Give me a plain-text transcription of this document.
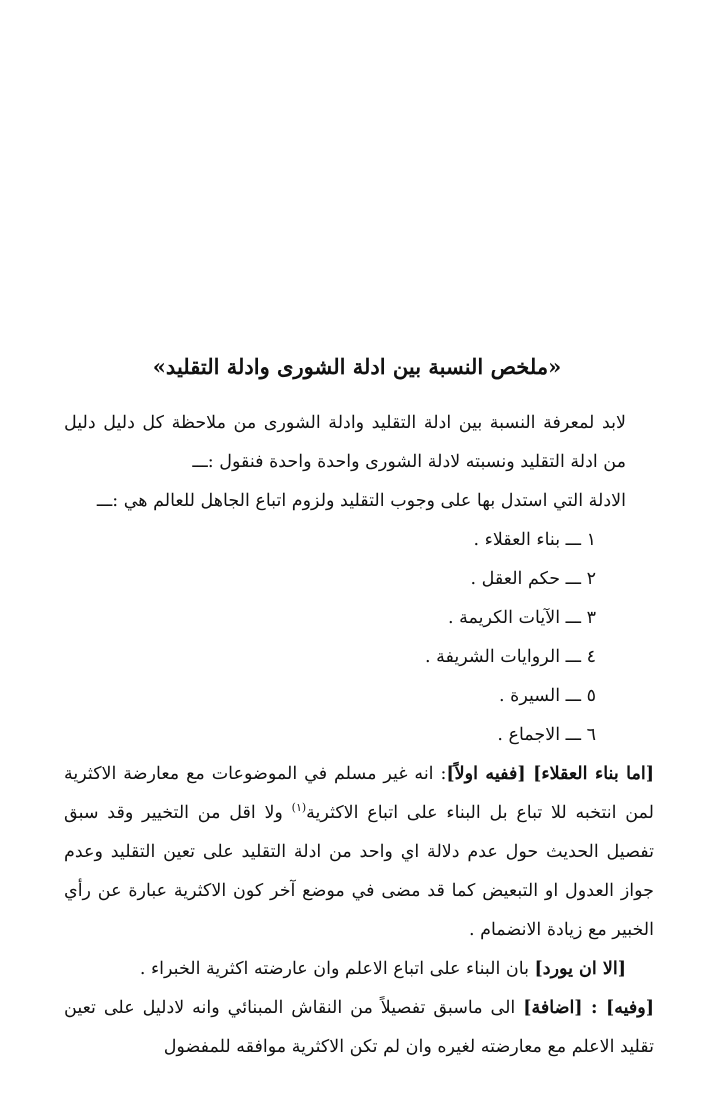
«ملخص النسبة بين ادلة الشورى وادلة التقليد»

لابد لمعرفة النسبة بين ادلة التقليد وادلة الشورى من ملاحظة كل دليل دليل من ادلة التقليد ونسبته لادلة الشورى واحدة واحدة فنقول :ـــ

الادلة التي استدل بها على وجوب التقليد ولزوم اتباع الجاهل للعالم هي :ـــ

١ ـــ بناء العقلاء .
٢ ـــ حكم العقل .
٣ ـــ الآيات الكريمة .
٤ ـــ الروايات الشريفة .
٥ ـــ السيرة .
٦ ـــ الاجماع .

[اما بناء العقلاء] [ففيه اولاً]: انه غير مسلم في الموضوعات مع معارضة الاكثرية لمن انتخبه للا تباع بل البناء على اتباع الاكثرية$^{(١)}$ ولا اقل من التخيير وقد سبق تفصيل الحديث حول عدم دلالة اي واحد من ادلة التقليد على تعين التقليد وعدم جواز العدول او التبعيض كما قد مضى في موضع آخر كون الاكثرية عبارة عن رأي الخبير مع زيادة الانضمام .

[الا ان يورد] بان البناء على اتباع الاعلم وان عارضته اكثرية الخبراء .

[وفيه] : [اضافة] الى ماسبق تفصيلاً من النقاش المبنائي وانه لادليل على تعين تقليد الاعلم مع معارضته لغيره وان لم تكن الاكثرية موافقه للمفضول
